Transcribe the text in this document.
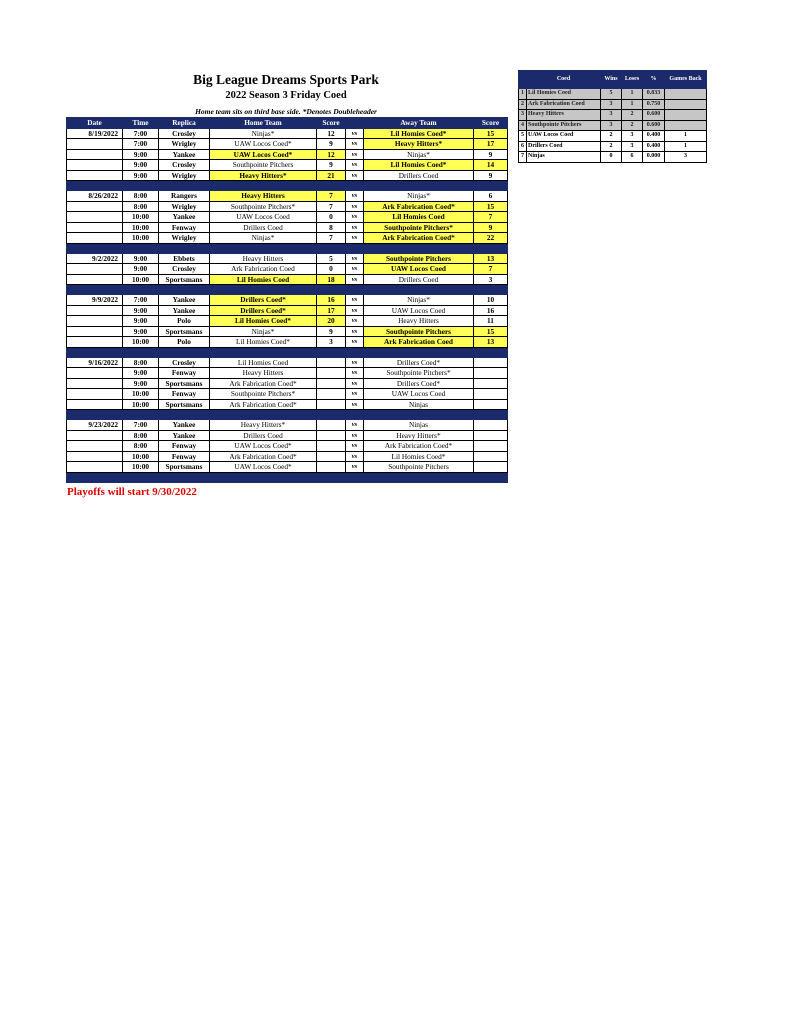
Big League Dreams Sports Park
2022 Season 3 Friday Coed
Home team sits on third base side. *Denotes Doubleheader
Date	Time	Replica	Home Team	Score		Away Team	Score
8/19/2022	7:00	Crosley	Ninjas*	12	vs	Lil Homies Coed*	15
	7:00	Wrigley	UAW Locos Coed*	9	vs	Heavy Hitters*	17
	9:00	Yankee	UAW Locos Coed*	12	vs	Ninjas*	9
	9:00	Crosley	Southpointe Pitchers	9	vs	Lil Homies Coed*	14
	9:00	Wrigley	Heavy Hitters*	21	vs	Drillers Coed	9

8/26/2022	8:00	Rangers	Heavy Hitters	7	vs	Ninjas*	6
	8:00	Wrigley	Southpointe Pitchers*	7	vs	Ark Fabrication Coed*	15
	10:00	Yankee	UAW Locos Coed	0	vs	Lil Homies Coed	7
	10:00	Fenway	Drillers Coed	8	vs	Southpointe Pitchers*	9
	10:00	Wrigley	Ninjas*	7	vs	Ark Fabrication Coed*	22

9/2/2022	9:00	Ebbets	Heavy Hitters	5	vs	Southpointe Pitchers	13
	9:00	Crosley	Ark Fabrication Coed	0	vs	UAW Locos Coed	7
	10:00	Sportsmans	Lil Homies Coed	18	vs	Drillers Coed	3

9/9/2022	7:00	Yankee	Drillers Coed*	16	vs	Ninjas*	10
	9:00	Yankee	Drillers Coed*	17	vs	UAW Locos Coed	16
	9:00	Polo	Lil Homies Coed*	20	vs	Heavy Hitters	11
	9:00	Sportsmans	Ninjas*	9	vs	Southpointe Pitchers	15
	10:00	Polo	Lil Homies Coed*	3	vs	Ark Fabrication Coed	13

9/16/2022	8:00	Crosley	Lil Homies Coed		vs	Drillers Coed*	
	9:00	Fenway	Heavy Hitters		vs	Southpointe Pitchers*	
	9:00	Sportsmans	Ark Fabrication Coed*		vs	Drillers Coed*	
	10:00	Fenway	Southpointe Pitchers*		vs	UAW Locos Coed	
	10:00	Sportsmans	Ark Fabrication Coed*		vs	Ninjas	

9/23/2022	7:00	Yankee	Heavy Hitters*		vs	Ninjas	
	8:00	Yankee	Drillers Coed		vs	Heavy Hitters*	
	8:00	Fenway	UAW Locos Coed*		vs	Ark Fabrication Coed*	
	10:00	Fenway	Ark Fabrication Coed*		vs	Lil Homies Coed*	
	10:00	Sportsmans	UAW Locos Coed*		vs	Southpointe Pitchers	

Playoffs will start 9/30/2022
	Coed	Wins	Loses	%	Games Back
1	Lil Homies Coed	5	1	0.833	
2	Ark Fabrication Coed	3	1	0.750	
3	Heavy Hitters	3	2	0.600	
4	Southpointe Pitchers	3	2	0.600	
5	UAW Locos Coed	2	3	0.400	1
6	Drillers Coed	2	3	0.400	1
7	Ninjas	0	6	0.000	3
